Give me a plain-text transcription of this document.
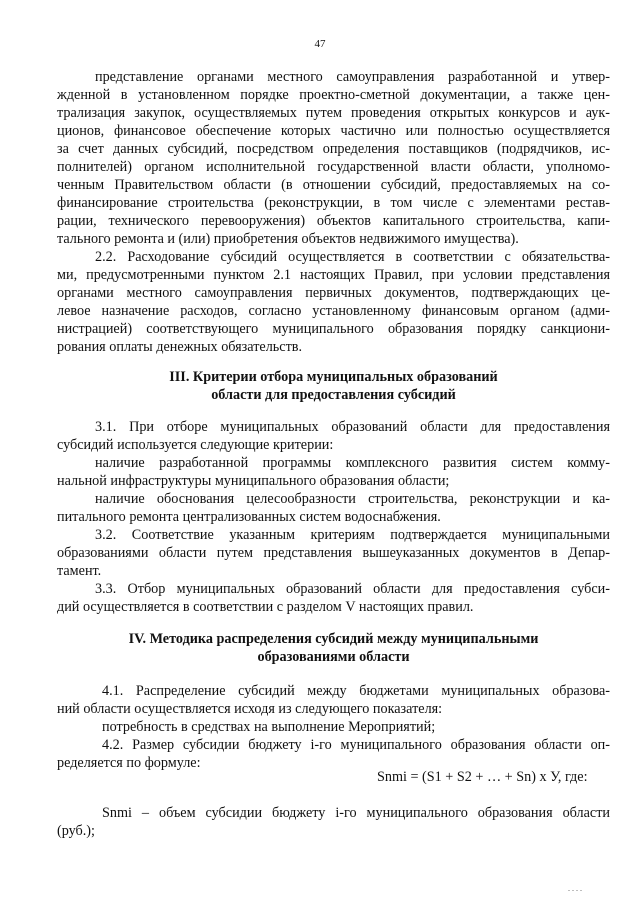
47
представление органами местного самоуправления разработанной и утвер-
жденной в установленном порядке проектно-сметной документации, а также цен-
трализация закупок, осуществляемых путем проведения открытых конкурсов и аук-
ционов, финансовое обеспечение которых частично или полностью осуществляется
за счет данных субсидий, посредством определения поставщиков (подрядчиков, ис-
полнителей) органом исполнительной государственной власти области, уполномо-
ченным Правительством области (в отношении субсидий, предоставляемых на со-
финансирование строительства (реконструкции, в том числе с элементами рестав-
рации, технического перевооружения) объектов капитального строительства, капи-
тального ремонта и (или) приобретения объектов недвижимого имущества).
2.2. Расходование субсидий осуществляется в соответствии с обязательства-
ми, предусмотренными пунктом 2.1 настоящих Правил, при условии представления
органами местного самоуправления первичных документов, подтверждающих це-
левое назначение расходов, согласно установленному финансовым органом (адми-
нистрацией) соответствующего муниципального образования порядку санкциони-
рования оплаты денежных обязательств.
III. Критерии отбора муниципальных образований
области для предоставления субсидий
3.1. При отборе муниципальных образований области для предоставления
субсидий используется следующие критерии:
наличие разработанной программы комплексного развития систем комму-
нальной инфраструктуры муниципального образования области;
наличие обоснования целесообразности строительства, реконструкции и ка-
питального ремонта централизованных систем водоснабжения.
3.2. Соответствие указанным критериям подтверждается муниципальными
образованиями области путем представления вышеуказанных документов в Депар-
тамент.
3.3. Отбор муниципальных образований области для предоставления субси-
дий осуществляется в соответствии с разделом V настоящих правил.
IV. Методика распределения субсидий между муниципальными
образованиями области
4.1. Распределение субсидий между бюджетами муниципальных образова-
ний области осуществляется исходя из следующего показателя:
потребность в средствах на выполнение Мероприятий;
4.2. Размер субсидии бюджету i-го муниципального образования области оп-
ределяется по формуле:
Snmi = (S1 + S2 + … + Sn) х У, где:
Snmi – объем субсидии бюджету i-го муниципального образования области
(руб.);
. . . .
